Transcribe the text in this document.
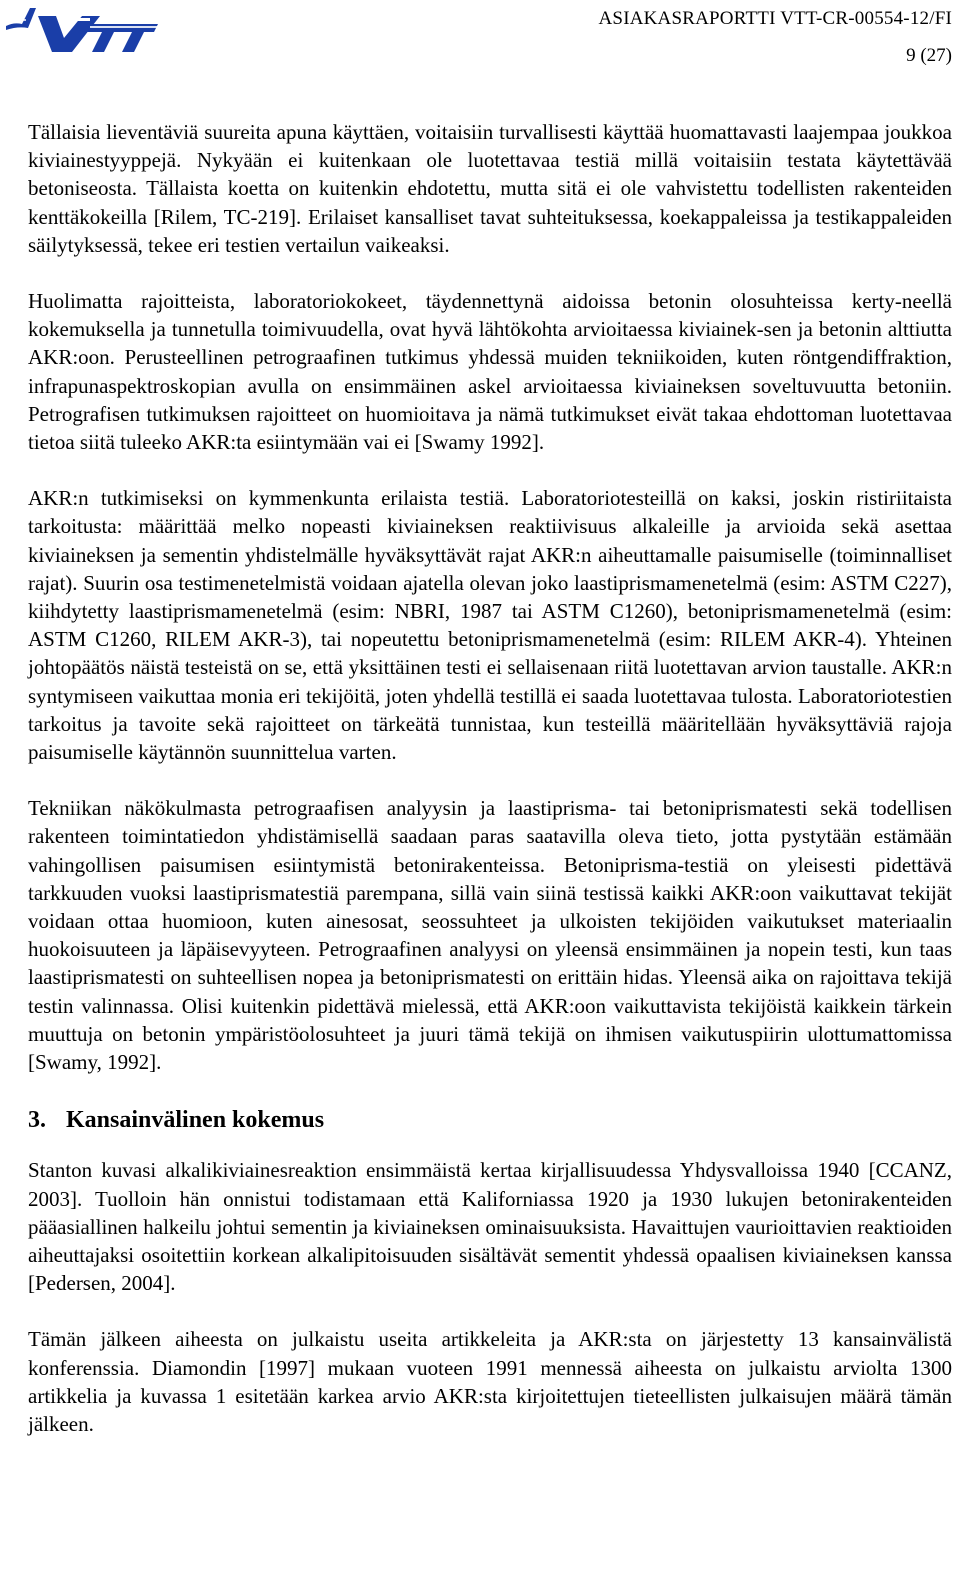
ASIAKASRAPORTTI VTT-CR-00554-12/FI
9 (27)

Tällaisia lieventäviä suureita apuna käyttäen, voitaisiin turvallisesti käyttää huomattavasti laajempaa joukkoa kiviainestyyppejä. Nykyään ei kuitenkaan ole luotettavaa testiä millä voitaisiin testata käytettävää betoniseosta. Tällaista koetta on kuitenkin ehdotettu, mutta sitä ei ole vahvistettu todellisten rakenteiden kenttäkokeilla [Rilem, TC-219]. Erilaiset kansalliset tavat suhteituksessa, koekappaleissa ja testikappaleiden säilytyksessä, tekee eri testien vertailun vaikeaksi.

Huolimatta rajoitteista, laboratoriokokeet, täydennettynä aidoissa betonin olosuhteissa kerty-neellä kokemuksella ja tunnetulla toimivuudella, ovat hyvä lähtökohta arvioitaessa kiviainek-sen ja betonin alttiutta AKR:oon. Perusteellinen petrograafinen tutkimus yhdessä muiden tekniikoiden, kuten röntgendiffraktion, infrapunaspektroskopian avulla on ensimmäinen askel arvioitaessa kiviaineksen soveltuvuutta betoniin. Petrografisen tutkimuksen rajoitteet on huomioitava ja nämä tutkimukset eivät takaa ehdottoman luotettavaa tietoa siitä tuleeko AKR:ta esiintymään vai ei [Swamy 1992].

AKR:n tutkimiseksi on kymmenkunta erilaista testiä. Laboratoriotesteillä on kaksi, joskin ristiriitaista tarkoitusta: määrittää melko nopeasti kiviaineksen reaktiivisuus alkaleille ja arvioida sekä asettaa kiviaineksen ja sementin yhdistelmälle hyväksyttävät rajat AKR:n aiheuttamalle paisumiselle (toiminnalliset rajat). Suurin osa testimenetelmistä voidaan ajatella olevan joko laastiprismamenetelmä (esim: ASTM C227), kiihdytetty laastiprismamenetelmä (esim: NBRI, 1987 tai ASTM C1260), betoniprismamenetelmä (esim: ASTM C1260, RILEM AKR-3), tai nopeutettu betoniprismamenetelmä (esim: RILEM AKR-4). Yhteinen johtopäätös näistä testeistä on se, että yksittäinen testi ei sellaisenaan riitä luotettavan arvion taustalle. AKR:n syntymiseen vaikuttaa monia eri tekijöitä, joten yhdellä testillä ei saada luotettavaa tulosta. Laboratoriotestien tarkoitus ja tavoite sekä rajoitteet on tärkeätä tunnistaa, kun testeillä määritellään hyväksyttäviä rajoja paisumiselle käytännön suunnittelua varten.

Tekniikan näkökulmasta petrograafisen analyysin ja laastiprisma- tai betoniprismatesti sekä todellisen rakenteen toimintatiedon yhdistämisellä saadaan paras saatavilla oleva tieto, jotta pystytään estämään vahingollisen paisumisen esiintymistä betonirakenteissa. Betoniprisma-testiä on yleisesti pidettävä tarkkuuden vuoksi laastiprismatestiä parempana, sillä vain siinä testissä kaikki AKR:oon vaikuttavat tekijät voidaan ottaa huomioon, kuten ainesosat, seossuhteet ja ulkoisten tekijöiden vaikutukset materiaalin huokoisuuteen ja läpäisevyyteen. Petrograafinen analyysi on yleensä ensimmäinen ja nopein testi, kun taas laastiprismatesti on suhteellisen nopea ja betoniprismatesti on erittäin hidas. Yleensä aika on rajoittava tekijä testin valinnassa. Olisi kuitenkin pidettävä mielessä, että AKR:oon vaikuttavista tekijöistä kaikkein tärkein muuttuja on betonin ympäristöolosuhteet ja juuri tämä tekijä on ihmisen vaikutuspiirin ulottumattomissa [Swamy, 1992].

3. Kansainvälinen kokemus

Stanton kuvasi alkalikiviainesreaktion ensimmäistä kertaa kirjallisuudessa Yhdysvalloissa 1940 [CCANZ, 2003]. Tuolloin hän onnistui todistamaan että Kaliforniassa 1920 ja 1930 lukujen betonirakenteiden pääasiallinen halkeilu johtui sementin ja kiviaineksen ominaisuuksista. Havaittujen vaurioittavien reaktioiden aiheuttajaksi osoitettiin korkean alkalipitoisuuden sisältävät sementit yhdessä opaalisen kiviaineksen kanssa [Pedersen, 2004].

Tämän jälkeen aiheesta on julkaistu useita artikkeleita ja AKR:sta on järjestetty 13 kansainvälistä konferenssia. Diamondin [1997] mukaan vuoteen 1991 mennessä aiheesta on julkaistu arviolta 1300 artikkelia ja kuvassa 1 esitetään karkea arvio AKR:sta kirjoitettujen tieteellisten julkaisujen määrä tämän jälkeen.
